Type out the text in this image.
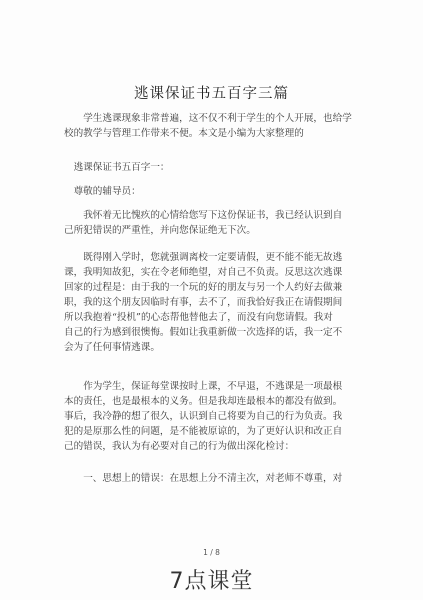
逃课保证书五百字三篇
学生逃课现象非常普遍，这不仅不利于学生的个人开展，也给学
校的教学与管理工作带来不便。本文是小编为大家整理的
逃课保证书五百字一：
尊敬的辅导员：
我怀着无比愧疚的心情给您写下这份保证书，我已经认识到自
己所犯错误的严重性，并向您保证绝无下次。
既得刚入学时，您就强调离校一定要请假，更不能不能无故逃
课，我明知故犯，实在令老师绝望，对自己不负责。反思这次逃课
回家的过程是：由于我的一个玩的好的朋友与另一个人约好去做兼
职，我的这个朋友因临时有事，去不了，而我恰好我正在请假期间
所以我抱着“投机”的心态帮他替他去了，而没有向您请假。我对
自己的行为感到很懊悔。假如让我重新做一次选择的话，我一定不
会为了任何事情逃课。
作为学生，保证每堂课按时上课，不早退，不逃课是一项最根
本的责任，也是最根本的义务。但是我却连最根本的都没有做到。
事后，我冷静的想了很久，认识到自己将要为自己的行为负责。我
犯的是原那么性的问题，是不能被原谅的，为了更好认识和改正自
己的错误，我认为有必要对自己的行为做出深化检讨：
一、思想上的错误：在思想上分不清主次，对老师不尊重，对
1 / 8
7点课堂
